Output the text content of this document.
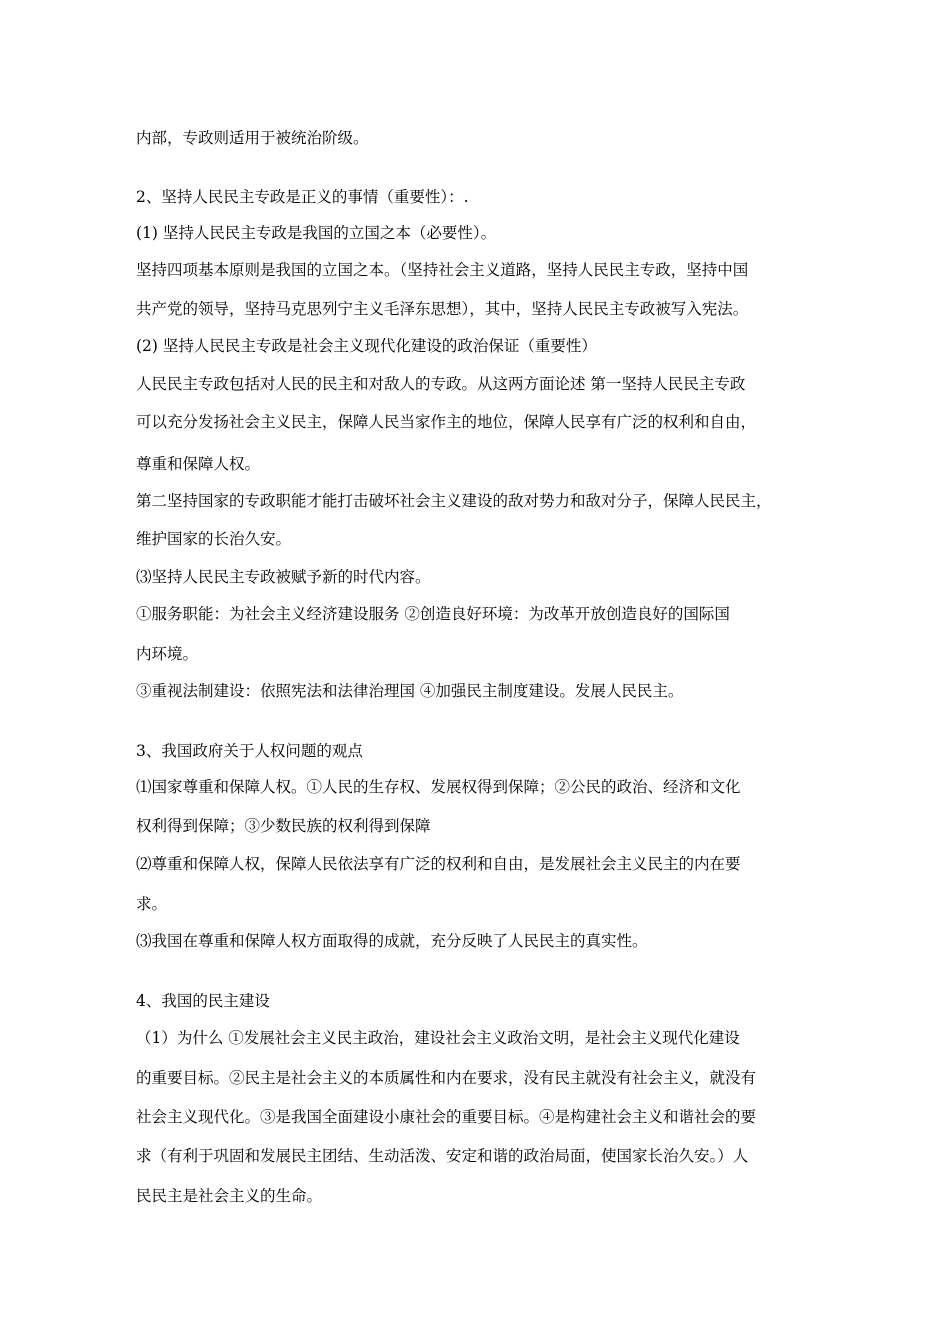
内部，专政则适用于被统治阶级。
2、坚持人民民主专政是正义的事情（重要性）：.
(1) 坚持人民民主专政是我国的立国之本（必要性）。
坚持四项基本原则是我国的立国之本。（坚持社会主义道路，坚持人民民主专政，坚持中国
共产党的领导，坚持马克思列宁主义毛泽东思想），其中，坚持人民民主专政被写入宪法。
(2) 坚持人民民主专政是社会主义现代化建设的政治保证（重要性）
人民民主专政包括对人民的民主和对敌人的专政。从这两方面论述 第一坚持人民民主专政
可以充分发扬社会主义民主，保障人民当家作主的地位，保障人民享有广泛的权利和自由，
尊重和保障人权。
第二坚持国家的专政职能才能打击破坏社会主义建设的敌对势力和敌对分子，保障人民民主，
维护国家的长治久安。
⑶坚持人民民主专政被赋予新的时代内容。
①服务职能：为社会主义经济建设服务 ②创造良好环境：为改革开放创造良好的国际国
内环境。
③重视法制建设：依照宪法和法律治理国 ④加强民主制度建设。发展人民民主。
3、我国政府关于人权问题的观点
⑴国家尊重和保障人权。①人民的生存权、发展权得到保障；②公民的政治、经济和文化
权利得到保障；③少数民族的权利得到保障
⑵尊重和保障人权，保障人民依法享有广泛的权利和自由，是发展社会主义民主的内在要
求。
⑶我国在尊重和保障人权方面取得的成就，充分反映了人民民主的真实性。
4、我国的民主建设
（1）为什么 ①发展社会主义民主政治，建设社会主义政治文明，是社会主义现代化建设
的重要目标。②民主是社会主义的本质属性和内在要求，没有民主就没有社会主义，就没有
社会主义现代化。③是我国全面建设小康社会的重要目标。④是构建社会主义和谐社会的要
求（有利于巩固和发展民主团结、生动活泼、安定和谐的政治局面，使国家长治久安。）人
民民主是社会主义的生命。
